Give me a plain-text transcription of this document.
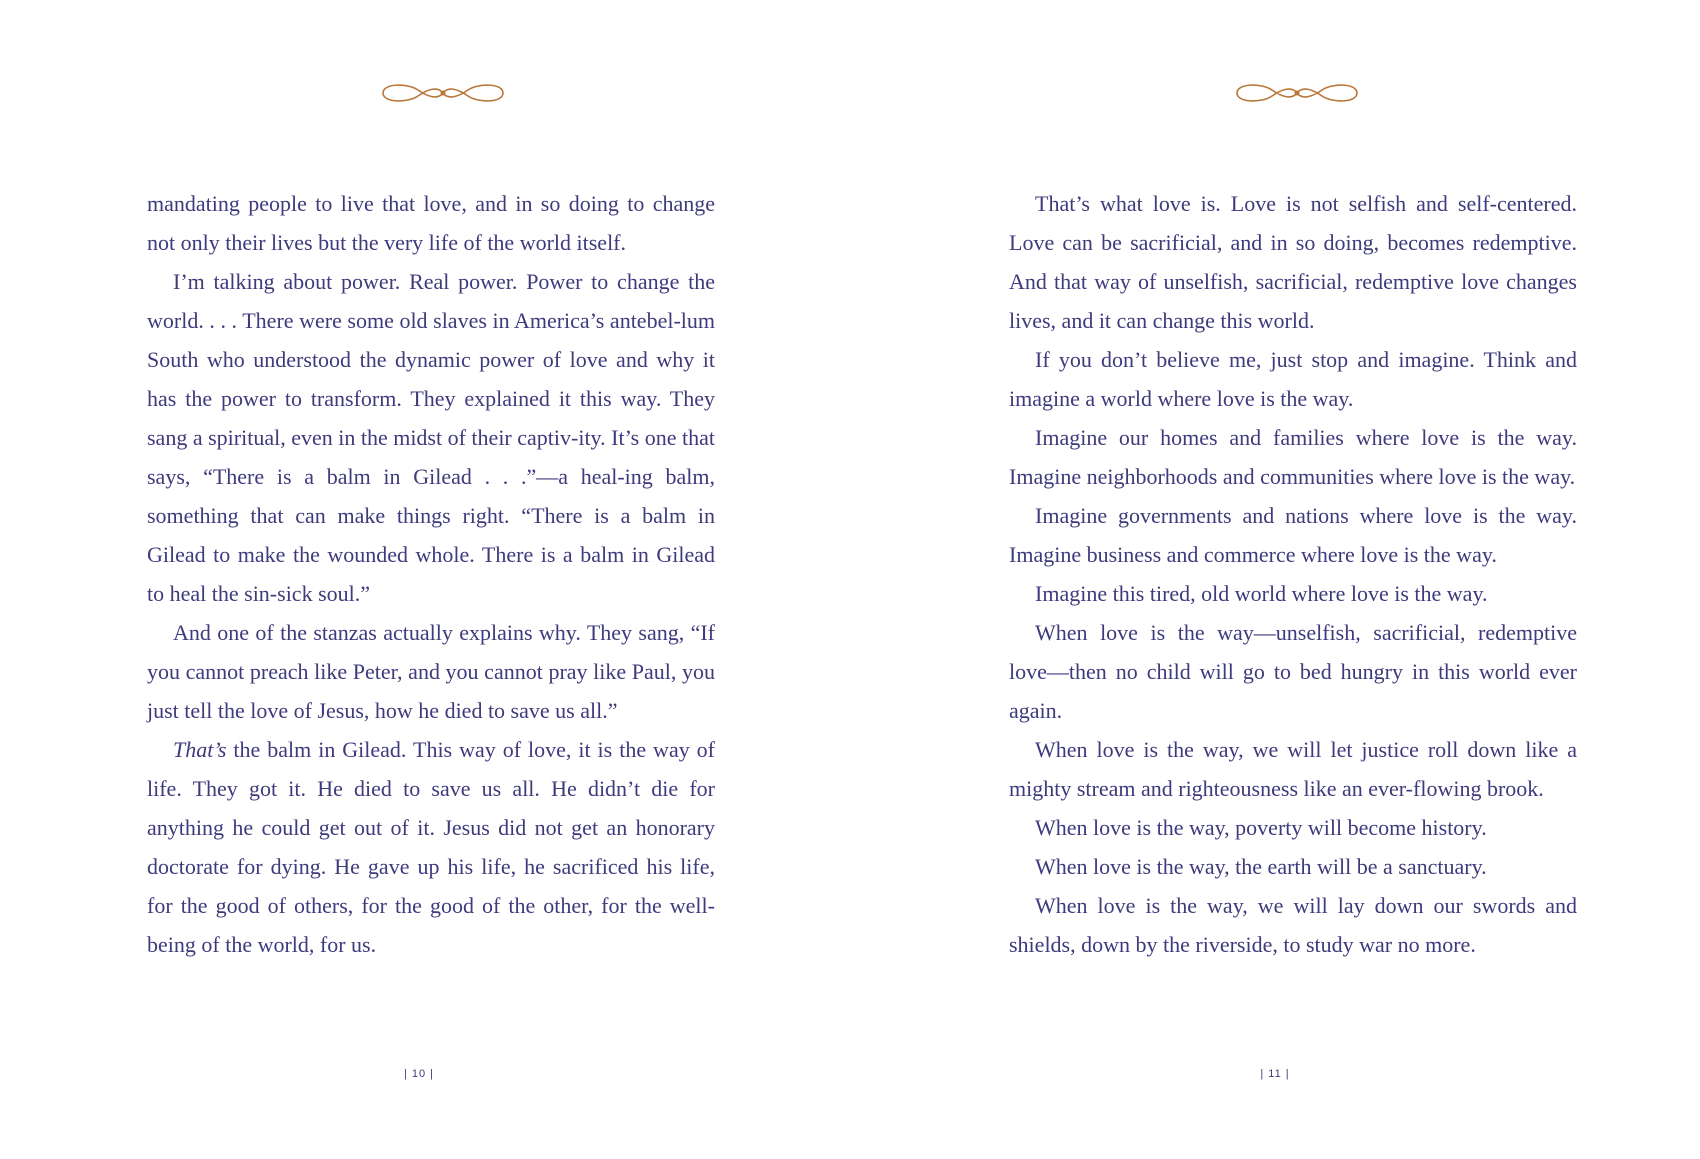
mandating people to live that love, and in so doing to change not only their lives but the very life of the world itself.

I’m talking about power. Real power. Power to change the world. . . . There were some old slaves in America’s antebel-lum South who understood the dynamic power of love and why it has the power to transform. They explained it this way. They sang a spiritual, even in the midst of their captiv-ity. It’s one that says, “There is a balm in Gilead . . .”—a heal-ing balm, something that can make things right. “There is a balm in Gilead to make the wounded whole. There is a balm in Gilead to heal the sin-sick soul.”

And one of the stanzas actually explains why. They sang, “If you cannot preach like Peter, and you cannot pray like Paul, you just tell the love of Jesus, how he died to save us all.”

That’s the balm in Gilead. This way of love, it is the way of life. They got it. He died to save us all. He didn’t die for anything he could get out of it. Jesus did not get an honorary doctorate for dying. He gave up his life, he sacrificed his life, for the good of others, for the good of the other, for the well-being of the world, for us.

| 10 |

That’s what love is. Love is not selfish and self-centered. Love can be sacrificial, and in so doing, becomes redemptive. And that way of unselfish, sacrificial, redemptive love changes lives, and it can change this world.

If you don’t believe me, just stop and imagine. Think and imagine a world where love is the way.

Imagine our homes and families where love is the way. Imagine neighborhoods and communities where love is the way.

Imagine governments and nations where love is the way. Imagine business and commerce where love is the way.

Imagine this tired, old world where love is the way.

When love is the way—unselfish, sacrificial, redemptive love—then no child will go to bed hungry in this world ever again.

When love is the way, we will let justice roll down like a mighty stream and righteousness like an ever-flowing brook.

When love is the way, poverty will become history.

When love is the way, the earth will be a sanctuary.

When love is the way, we will lay down our swords and shields, down by the riverside, to study war no more.

| 11 |
